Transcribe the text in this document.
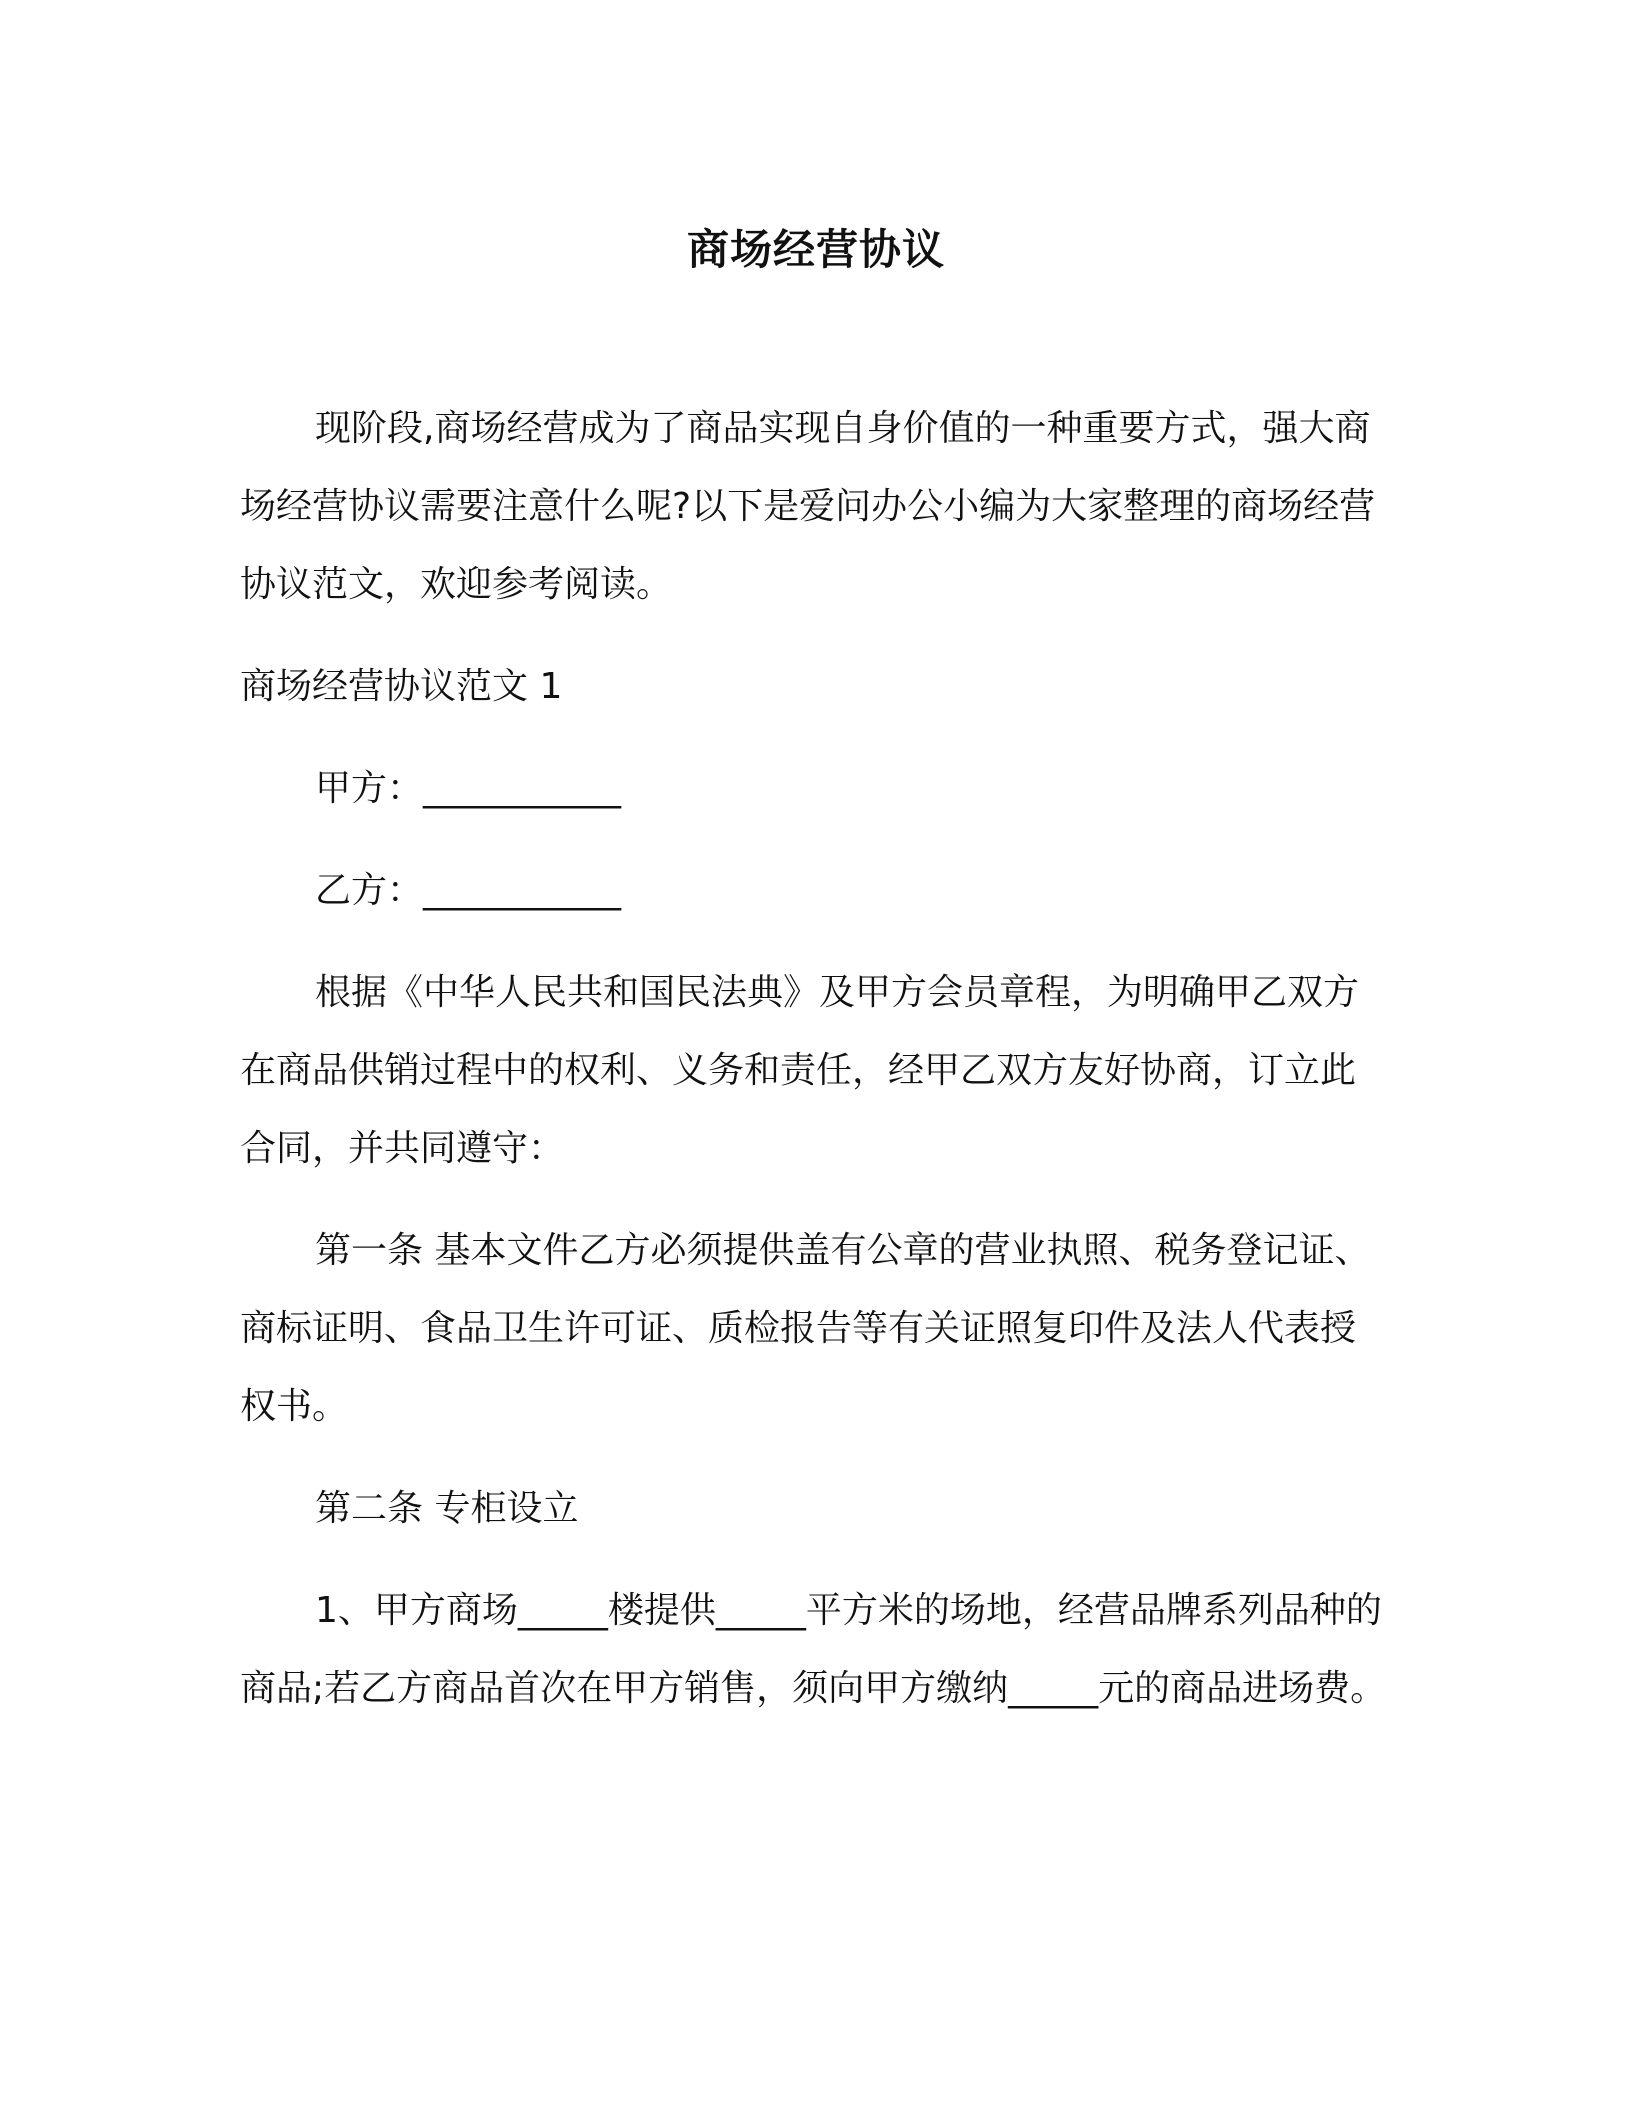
商场经营协议

现阶段,商场经营成为了商品实现自身价值的一种重要方式，强大商场经营协议需要注意什么呢?以下是爱问办公小编为大家整理的商场经营协议范文，欢迎参考阅读。

商场经营协议范文 1

甲方：___________

乙方：___________

根据《中华人民共和国民法典》及甲方会员章程，为明确甲乙双方在商品供销过程中的权利、义务和责任，经甲乙双方友好协商，订立此合同，并共同遵守：

第一条 基本文件乙方必须提供盖有公章的营业执照、税务登记证、商标证明、食品卫生许可证、质检报告等有关证照复印件及法人代表授权书。

第二条 专柜设立

1、甲方商场_____楼提供_____平方米的场地，经营品牌系列品种的商品;若乙方商品首次在甲方销售，须向甲方缴纳_____元的商品进场费。
